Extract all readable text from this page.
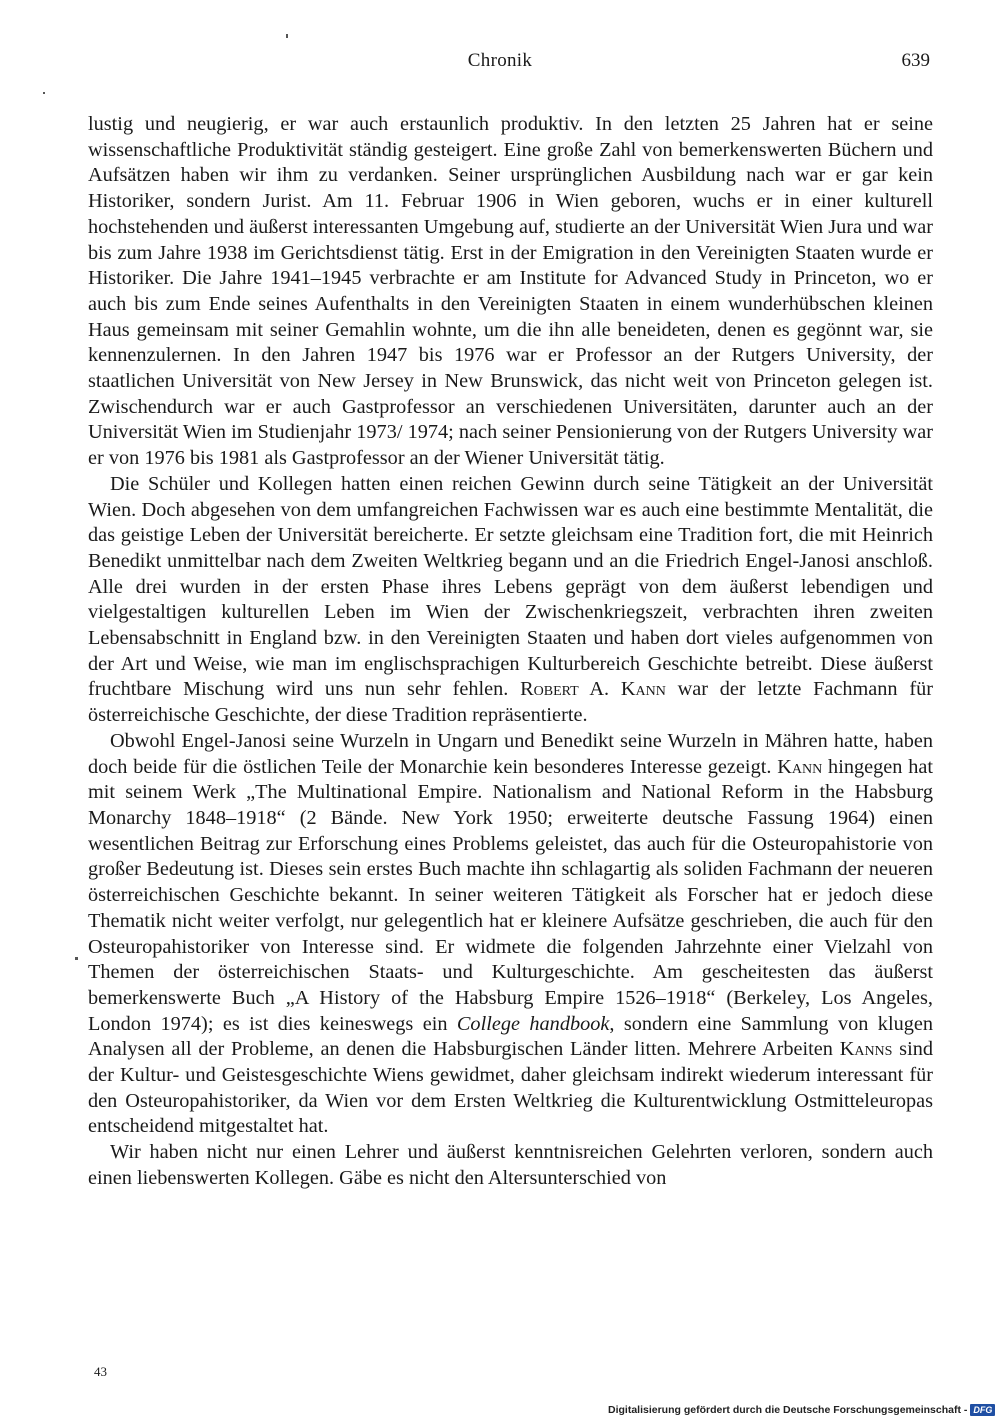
Chronik	639

lustig und neugierig, er war auch erstaunlich produktiv. In den letzten 25 Jahren hat er seine wissenschaftliche Produktivität ständig gesteigert. Eine große Zahl von bemerkenswerten Büchern und Aufsätzen haben wir ihm zu verdanken. Seiner ursprünglichen Ausbildung nach war er gar kein Historiker, sondern Jurist. Am 11. Februar 1906 in Wien geboren, wuchs er in einer kulturell hochstehenden und äußerst interessanten Umgebung auf, studierte an der Universität Wien Jura und war bis zum Jahre 1938 im Gerichtsdienst tätig. Erst in der Emigration in den Vereinigten Staaten wurde er Historiker. Die Jahre 1941–1945 verbrachte er am Institute for Advanced Study in Princeton, wo er auch bis zum Ende seines Aufenthalts in den Vereinigten Staaten in einem wunderhübschen kleinen Haus gemeinsam mit seiner Gemahlin wohnte, um die ihn alle beneideten, denen es gegönnt war, sie kennenzulernen. In den Jahren 1947 bis 1976 war er Professor an der Rutgers University, der staatlichen Universität von New Jersey in New Brunswick, das nicht weit von Princeton gelegen ist. Zwischendurch war er auch Gastprofessor an verschiedenen Universitäten, darunter auch an der Universität Wien im Studienjahr 1973/ 1974; nach seiner Pensionierung von der Rutgers University war er von 1976 bis 1981 als Gastprofessor an der Wiener Universität tätig.

Die Schüler und Kollegen hatten einen reichen Gewinn durch seine Tätigkeit an der Universität Wien. Doch abgesehen von dem umfangreichen Fachwissen war es auch eine bestimmte Mentalität, die das geistige Leben der Universität bereicherte. Er setzte gleichsam eine Tradition fort, die mit Heinrich Benedikt unmittelbar nach dem Zweiten Weltkrieg begann und an die Friedrich Engel-Janosi anschloß. Alle drei wurden in der ersten Phase ihres Lebens geprägt von dem äußerst lebendigen und vielgestaltigen kulturellen Leben im Wien der Zwischenkriegszeit, verbrachten ihren zweiten Lebensabschnitt in England bzw. in den Vereinigten Staaten und haben dort vieles aufgenommen von der Art und Weise, wie man im englischsprachigen Kulturbereich Geschichte betreibt. Diese äußerst fruchtbare Mischung wird uns nun sehr fehlen. Robert A. Kann war der letzte Fachmann für österreichische Geschichte, der diese Tradition repräsentierte.

Obwohl Engel-Janosi seine Wurzeln in Ungarn und Benedikt seine Wurzeln in Mähren hatte, haben doch beide für die östlichen Teile der Monarchie kein besonderes Interesse gezeigt. Kann hingegen hat mit seinem Werk „The Multinational Empire. Nationalism and National Reform in the Habsburg Monarchy 1848–1918“ (2 Bände. New York 1950; erweiterte deutsche Fassung 1964) einen wesentlichen Beitrag zur Erforschung eines Problems geleistet, das auch für die Osteuropahistorie von großer Bedeutung ist. Dieses sein erstes Buch machte ihn schlagartig als soliden Fachmann der neueren österreichischen Geschichte bekannt. In seiner weiteren Tätigkeit als Forscher hat er jedoch diese Thematik nicht weiter verfolgt, nur gelegentlich hat er kleinere Aufsätze geschrieben, die auch für den Osteuropahistoriker von Interesse sind. Er widmete die folgenden Jahrzehnte einer Vielzahl von Themen der österreichischen Staats- und Kulturgeschichte. Am gescheitesten das äußerst bemerkenswerte Buch „A History of the Habsburg Empire 1526–1918“ (Berkeley, Los Angeles, London 1974); es ist dies keineswegs ein College handbook, sondern eine Sammlung von klugen Analysen all der Probleme, an denen die Habsburgischen Länder litten. Mehrere Arbeiten Kanns sind der Kultur- und Geistesgeschichte Wiens gewidmet, daher gleichsam indirekt wiederum interessant für den Osteuropahistoriker, da Wien vor dem Ersten Weltkrieg die Kulturentwicklung Ostmitteleuropas entscheidend mitgestaltet hat.

Wir haben nicht nur einen Lehrer und äußerst kenntnisreichen Gelehrten verloren, sondern auch einen liebenswerten Kollegen. Gäbe es nicht den Altersunterschied von

43
Digitalisierung gefördert durch die Deutsche Forschungsgemeinschaft - DFG
